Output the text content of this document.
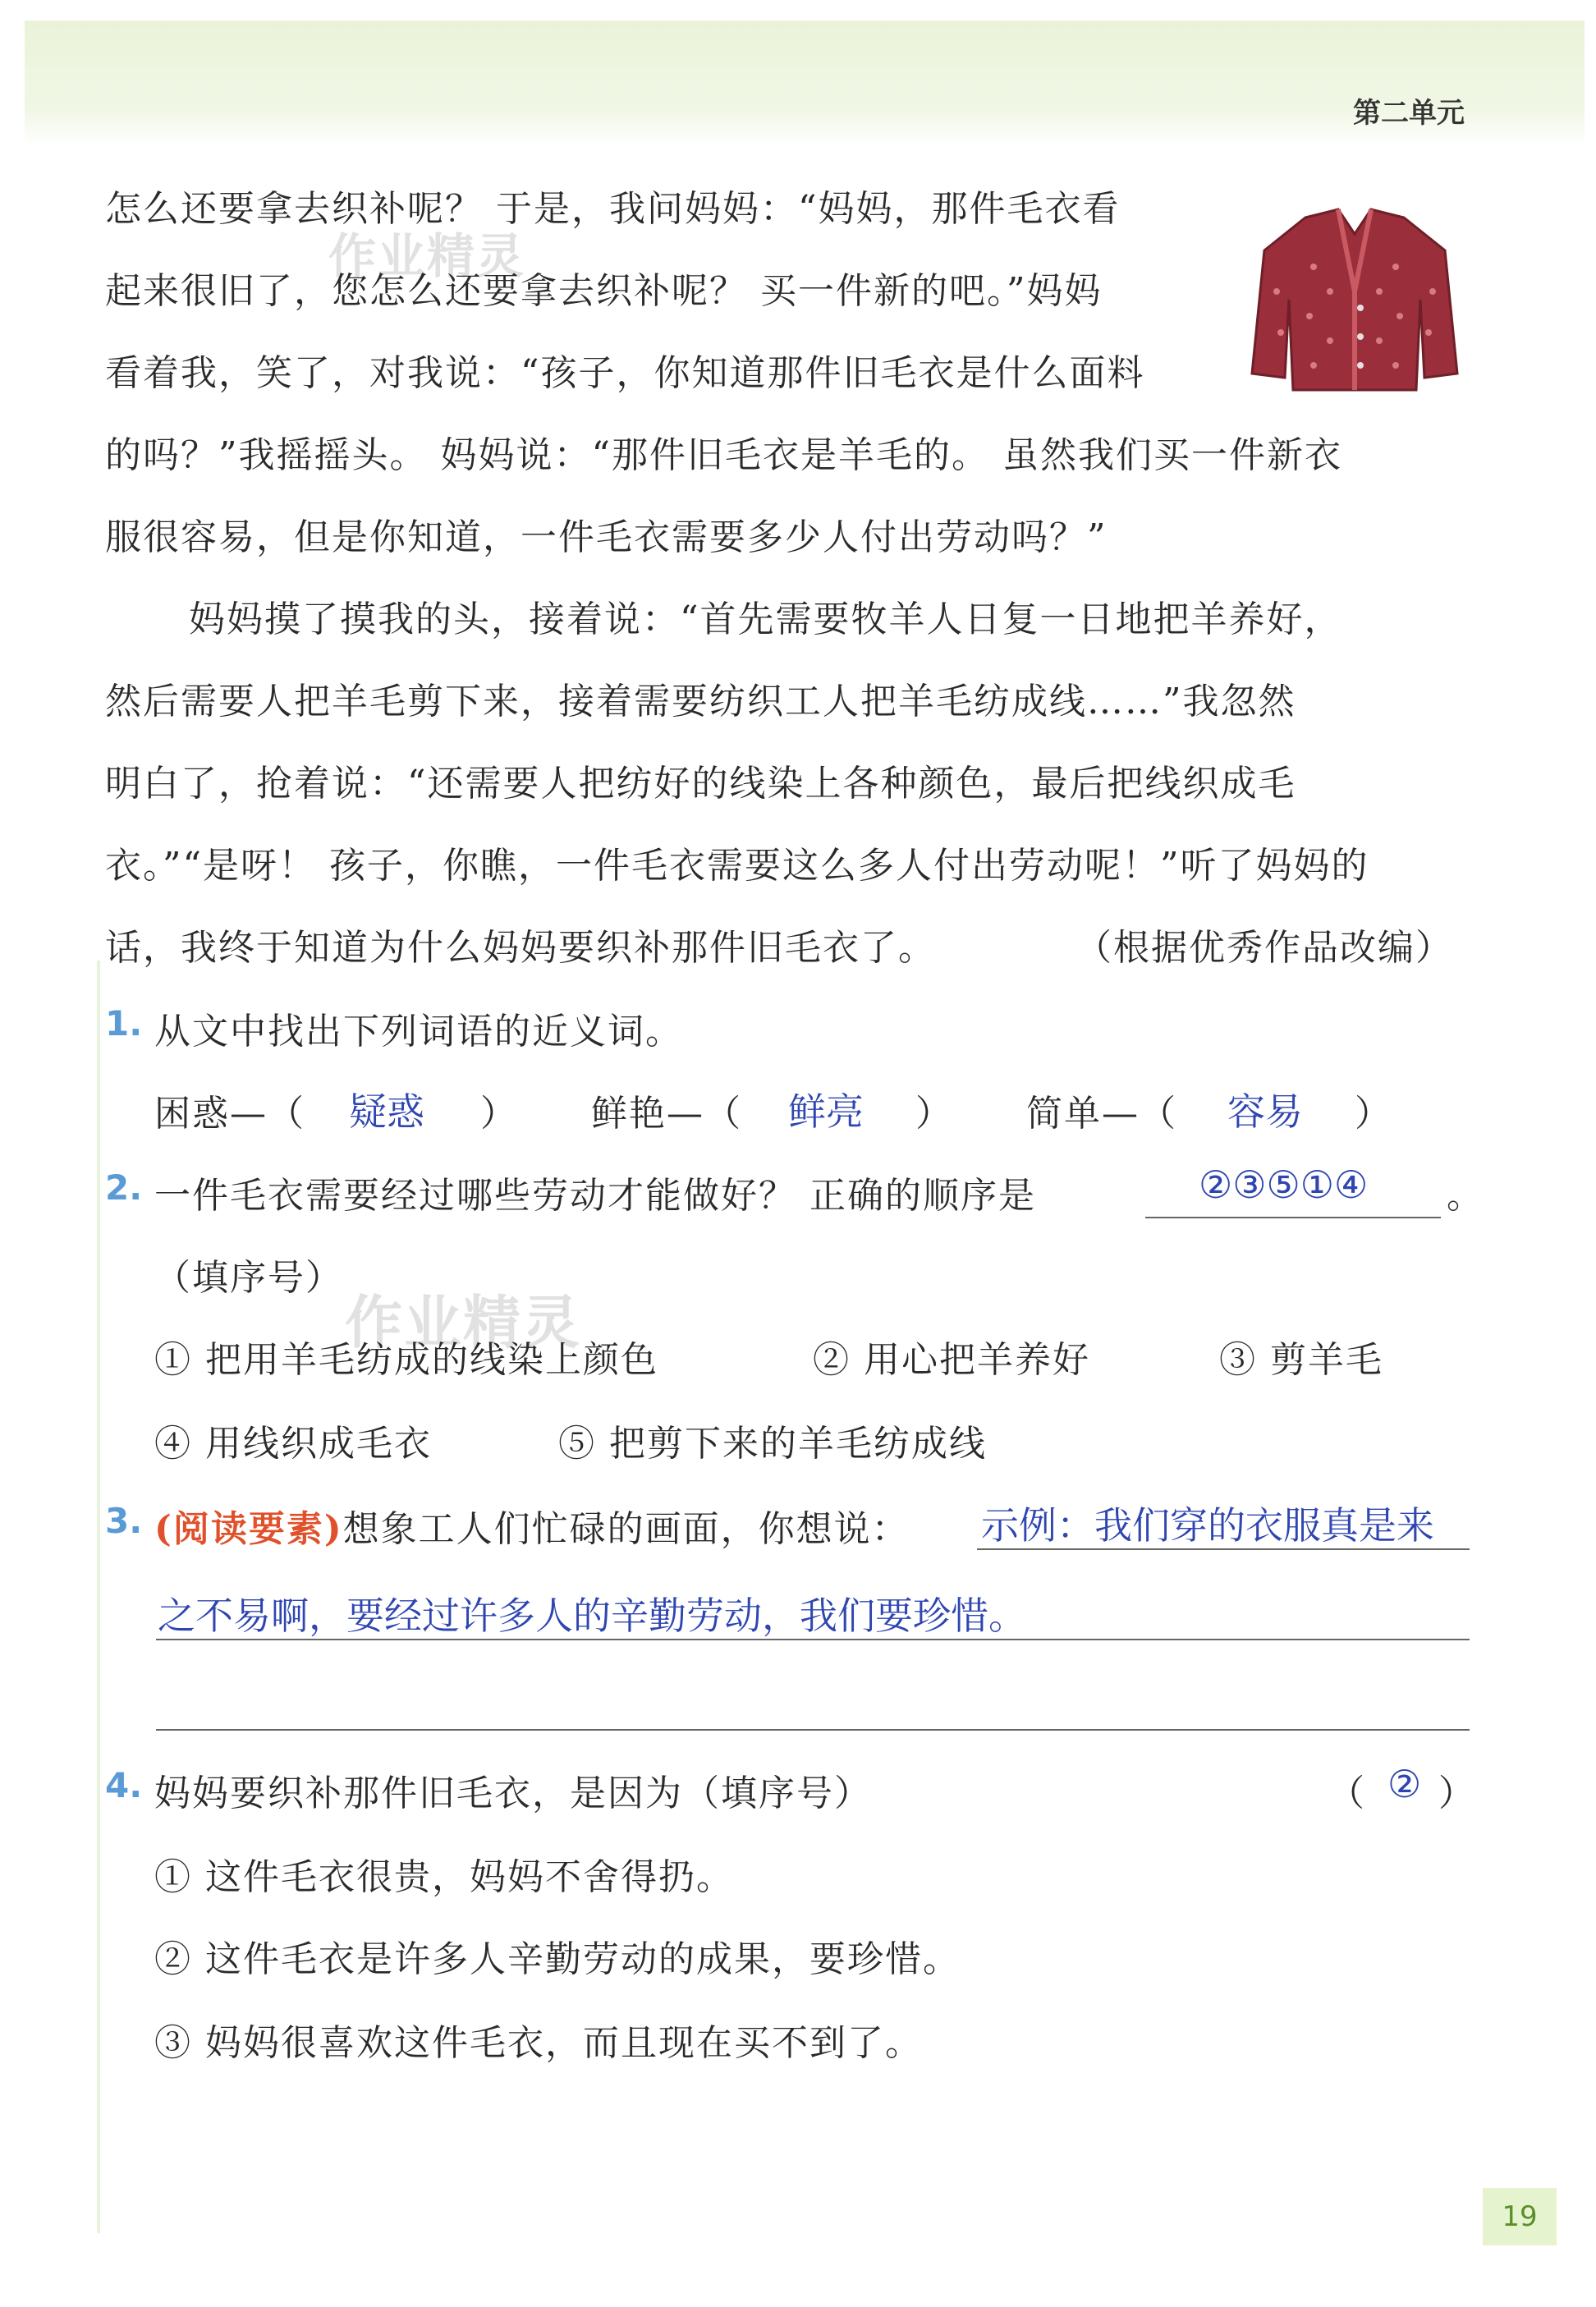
第二单元
作业精灵
作业精灵
怎么还要拿去织补呢？ 于是，我问妈妈：“妈妈，那件毛衣看
起来很旧了，您怎么还要拿去织补呢？ 买一件新的吧。”妈妈
看着我，笑了，对我说：“孩子，你知道那件旧毛衣是什么面料
的吗？”我摇摇头。 妈妈说：“那件旧毛衣是羊毛的。 虽然我们买一件新衣
服很容易，但是你知道，一件毛衣需要多少人付出劳动吗？”
妈妈摸了摸我的头，接着说：“首先需要牧羊人日复一日地把羊养好，
然后需要人把羊毛剪下来，接着需要纺织工人把羊毛纺成线……”我忽然
明白了，抢着说：“还需要人把纺好的线染上各种颜色，最后把线织成毛
衣。”“是呀！ 孩子，你瞧，一件毛衣需要这么多人付出劳动呢！”听了妈妈的
话，我终于知道为什么妈妈要织补那件旧毛衣了。	（根据优秀作品改编）
1. 从文中找出下列词语的近义词。
困惑—（ 疑惑 ） 鲜艳—（ 鲜亮 ） 简单—（ 容易 ）
2. 一件毛衣需要经过哪些劳动才能做好？ 正确的顺序是	②③⑤①④ 。
（填序号）
① 把用羊毛纺成的线染上颜色	② 用心把羊养好	③ 剪羊毛
④ 用线织成毛衣	⑤ 把剪下来的羊毛纺成线
3. (阅读要素)想象工人们忙碌的画面，你想说： 示例：我们穿的衣服真是来
之不易啊，要经过许多人的辛勤劳动，我们要珍惜。
4. 妈妈要织补那件旧毛衣，是因为（填序号）	（ ② ）
① 这件毛衣很贵，妈妈不舍得扔。
② 这件毛衣是许多人辛勤劳动的成果，要珍惜。
③ 妈妈很喜欢这件毛衣，而且现在买不到了。
19
